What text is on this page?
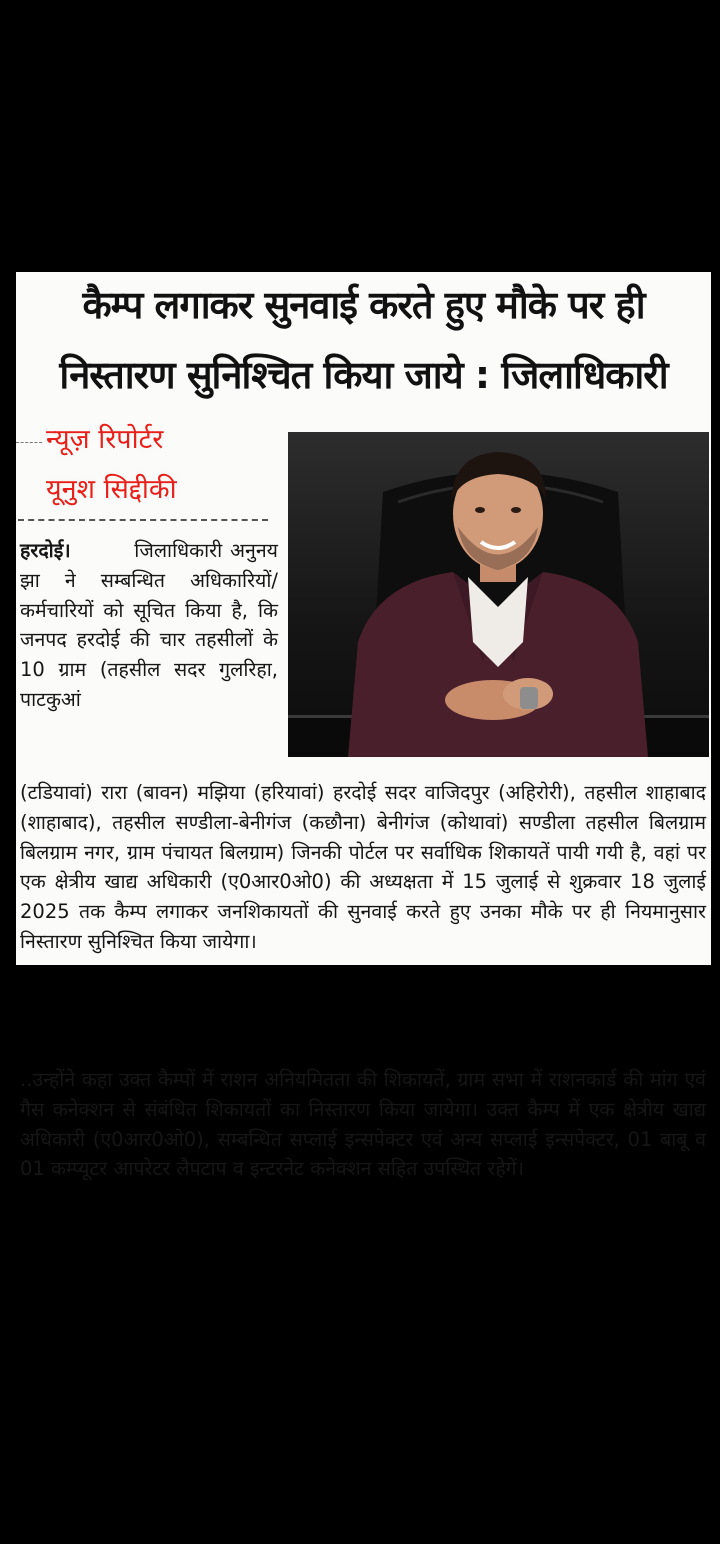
कैम्प लगाकर सुनवाई करते हुए मौके पर ही
निस्तारण सुनिश्चित किया जाये : जिलाधिकारी
न्यूज़ रिपोर्टर
यूनुश सिद्दीकी
हरदोई।	जिलाधिकारी अनुनय झा ने सम्बन्धित अधिकारियों/कर्मचारियों को सूचित किया है, कि जनपद हरदोई की चार तहसीलों के 10 ग्राम (तहसील सदर गुलरिहा, पाटकुआं
(टडियावां) रारा (बावन) मझिया (हरियावां) हरदोई सदर वाजिदपुर (अहिरोरी), तहसील शाहाबाद (शाहाबाद), तहसील सण्डीला-बेनीगंज (कछौना) बेनीगंज (कोथावां) सण्डीला तहसील बिलग्राम बिलग्राम नगर, ग्राम पंचायत बिलग्राम) जिनकी पोर्टल पर सर्वाधिक शिकायतें पायी गयी है, वहां पर एक क्षेत्रीय खाद्य अधिकारी (ए0आर0ओ0) की अध्यक्षता में 15 जुलाई से शुक्रवार 18 जुलाई 2025 तक कैम्प लगाकर जनशिकायतों की सुनवाई करते हुए उनका मौके पर ही नियमानुसार निस्तारण सुनिश्चित किया जायेगा।
..उन्होंने कहा उक्त कैम्पों में राशन अनियमितता की शिकायतें, ग्राम सभा में राशनकार्ड की मांग एवं गैस कनेक्शन से संबंधित शिकायतों का निस्तारण किया जायेगा। उक्त कैम्प में एक क्षेत्रीय खाद्य अधिकारी (ए0आर0ओ0), सम्बन्धित सप्लाई इन्सपेक्टर एवं अन्य सप्लाई इन्सपेक्टर, 01 बाबू व 01 कम्प्यूटर आपरेटर लैपटाप व इन्टरनेट कनेक्शन सहित उपस्थित रहेगें।
